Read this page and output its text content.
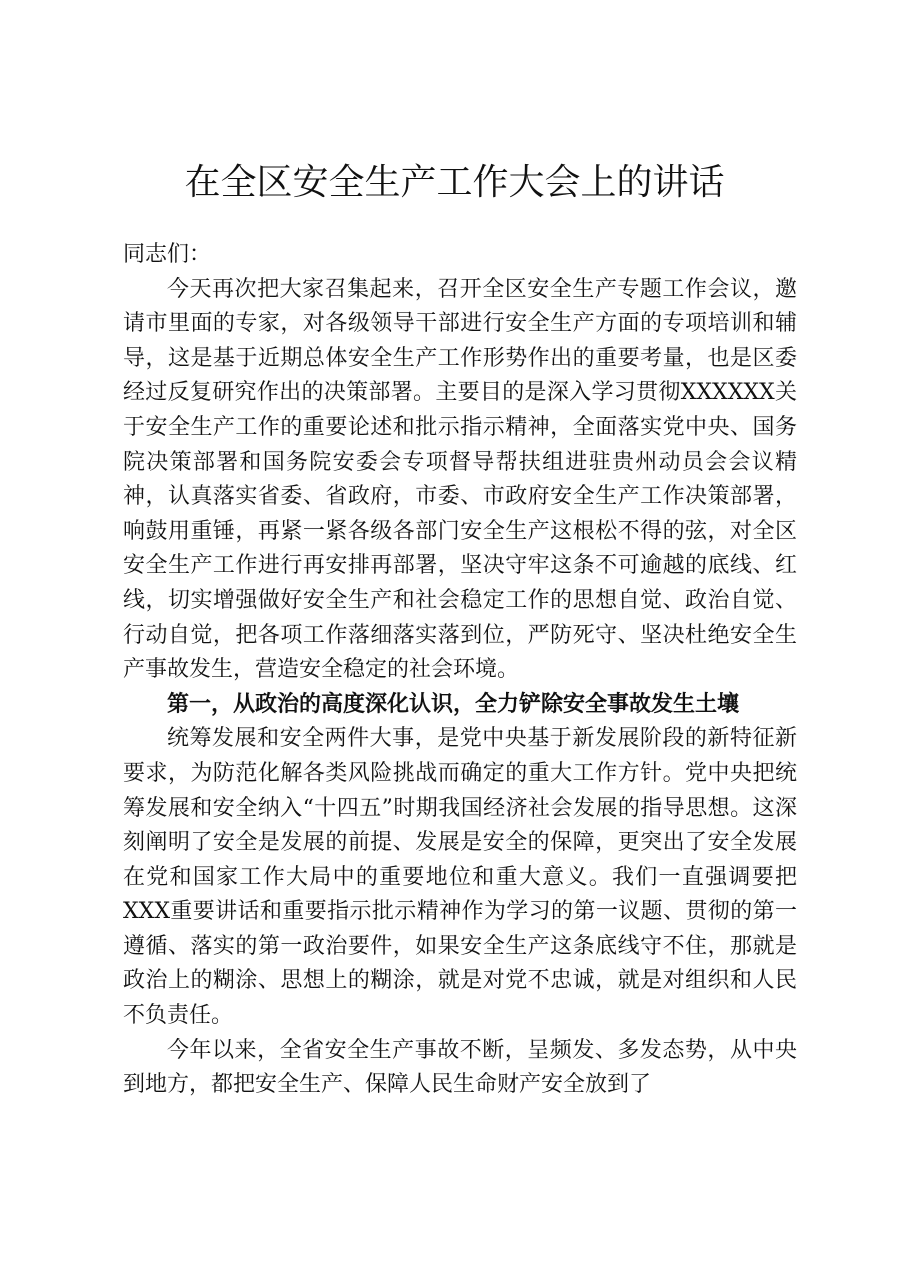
在全区安全生产工作大会上的讲话

同志们：

今天再次把大家召集起来，召开全区安全生产专题工作会议，邀请市里面的专家，对各级领导干部进行安全生产方面的专项培训和辅导，这是基于近期总体安全生产工作形势作出的重要考量，也是区委经过反复研究作出的决策部署。主要目的是深入学习贯彻XXXXXX关于安全生产工作的重要论述和批示指示精神，全面落实党中央、国务院决策部署和国务院安委会专项督导帮扶组进驻贵州动员会会议精神，认真落实省委、省政府，市委、市政府安全生产工作决策部署，响鼓用重锤，再紧一紧各级各部门安全生产这根松不得的弦，对全区安全生产工作进行再安排再部署，坚决守牢这条不可逾越的底线、红线，切实增强做好安全生产和社会稳定工作的思想自觉、政治自觉、行动自觉，把各项工作落细落实落到位，严防死守、坚决杜绝安全生产事故发生，营造安全稳定的社会环境。

第一，从政治的高度深化认识，全力铲除安全事故发生土壤

统筹发展和安全两件大事，是党中央基于新发展阶段的新特征新要求，为防范化解各类风险挑战而确定的重大工作方针。党中央把统筹发展和安全纳入“十四五”时期我国经济社会发展的指导思想。这深刻阐明了安全是发展的前提、发展是安全的保障，更突出了安全发展在党和国家工作大局中的重要地位和重大意义。我们一直强调要把XXX重要讲话和重要指示批示精神作为学习的第一议题、贯彻的第一遵循、落实的第一政治要件，如果安全生产这条底线守不住，那就是政治上的糊涂、思想上的糊涂，就是对党不忠诚，就是对组织和人民不负责任。

今年以来，全省安全生产事故不断，呈频发、多发态势，从中央到地方，都把安全生产、保障人民生命财产安全放到了
